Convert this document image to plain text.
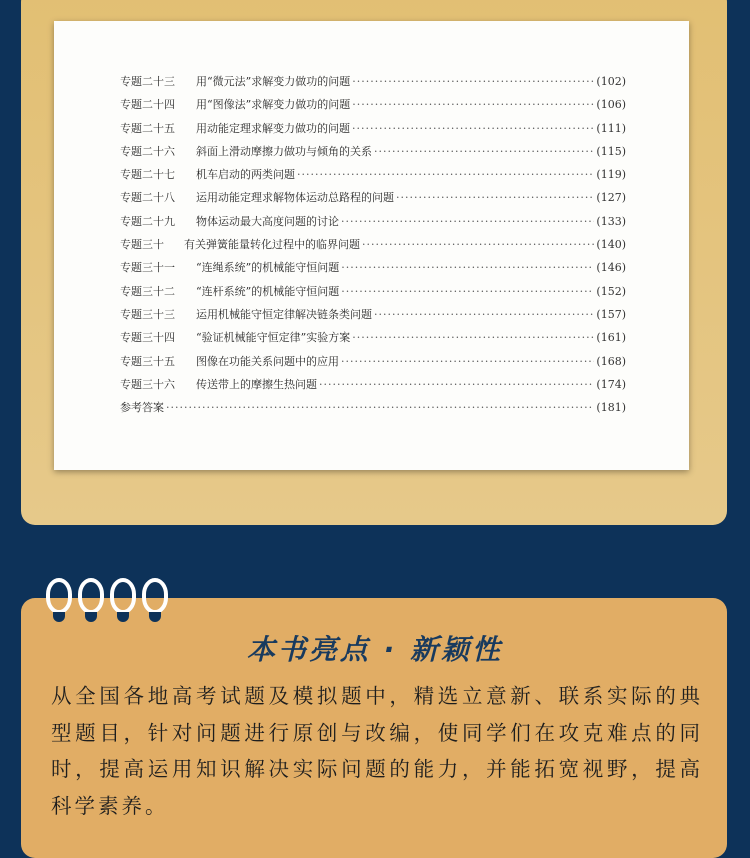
专题二十三	用“微元法”求解变力做功的问题 ·····	(102)
专题二十四	用“图像法”求解变力做功的问题 ·····	(106)
专题二十五	用动能定理求解变力做功的问题 ·····	(111)
专题二十六	斜面上滑动摩擦力做功与倾角的关系 ·····	(115)
专题二十七	机车启动的两类问题 ·····	(119)
专题二十八	运用动能定理求解物体运动总路程的问题 ·····	(127)
专题二十九	物体运动最大高度问题的讨论 ·····	(133)
专题三十	有关弹簧能量转化过程中的临界问题 ·····	(140)
专题三十一	“连绳系统”的机械能守恒问题 ·····	(146)
专题三十二	“连杆系统”的机械能守恒问题 ·····	(152)
专题三十三	运用机械能守恒定律解决链条类问题 ·····	(157)
专题三十四	“验证机械能守恒定律”实验方案 ·····	(161)
专题三十五	图像在功能关系问题中的应用 ·····	(168)
专题三十六	传送带上的摩擦生热问题 ·····	(174)
参考答案 ·····	(181)
本书亮点 · 新颖性
从全国各地高考试题及模拟题中，精选立意新、联系实际的典型题目，针对问题进行原创与改编，使同学们在攻克难点的同时，提高运用知识解决实际问题的能力，并能拓宽视野，提高科学素养。
